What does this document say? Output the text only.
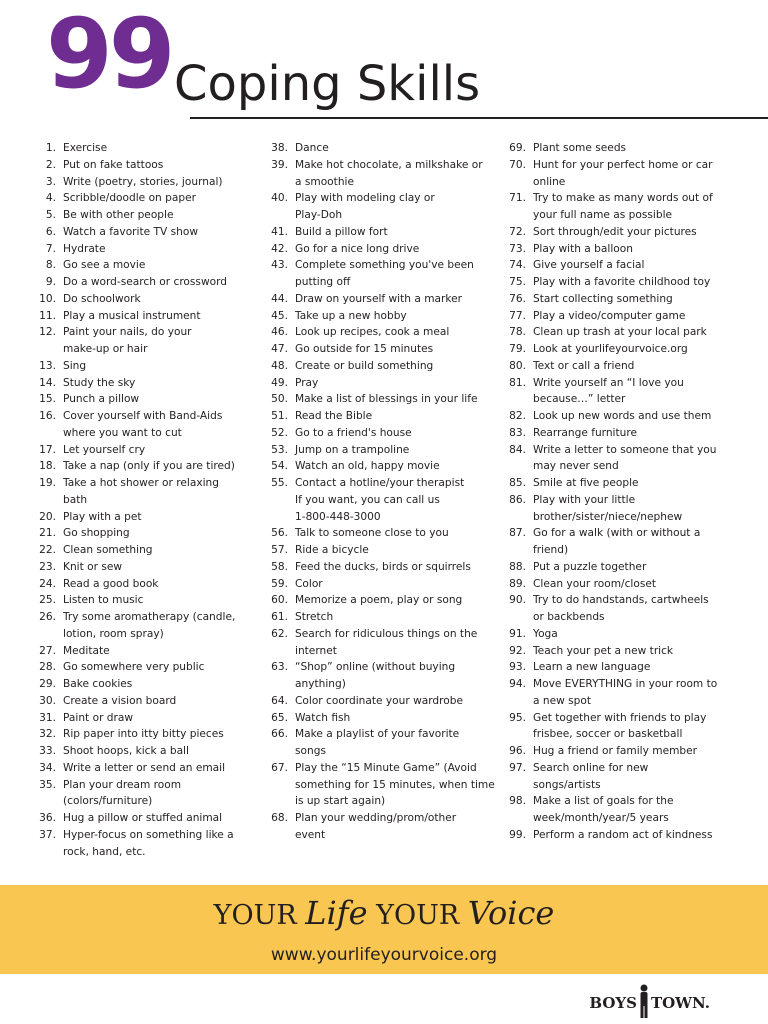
99 Coping Skills
1. Exercise
2. Put on fake tattoos
3. Write (poetry, stories, journal)
4. Scribble/doodle on paper
5. Be with other people
6. Watch a favorite TV show
7. Hydrate
8. Go see a movie
9. Do a word-search or crossword
10. Do schoolwork
11. Play a musical instrument
12. Paint your nails, do your
make-up or hair
13. Sing
14. Study the sky
15. Punch a pillow
16. Cover yourself with Band-Aids
where you want to cut
17. Let yourself cry
18. Take a nap (only if you are tired)
19. Take a hot shower or relaxing
bath
20. Play with a pet
21. Go shopping
22. Clean something
23. Knit or sew
24. Read a good book
25. Listen to music
26. Try some aromatherapy (candle,
lotion, room spray)
27. Meditate
28. Go somewhere very public
29. Bake cookies
30. Create a vision board
31. Paint or draw
32. Rip paper into itty bitty pieces
33. Shoot hoops, kick a ball
34. Write a letter or send an email
35. Plan your dream room
(colors/furniture)
36. Hug a pillow or stuffed animal
37. Hyper-focus on something like a
rock, hand, etc.
38. Dance
39. Make hot chocolate, a milkshake or
a smoothie
40. Play with modeling clay or
Play-Doh
41. Build a pillow fort
42. Go for a nice long drive
43. Complete something you've been
putting off
44. Draw on yourself with a marker
45. Take up a new hobby
46. Look up recipes, cook a meal
47. Go outside for 15 minutes
48. Create or build something
49. Pray
50. Make a list of blessings in your life
51. Read the Bible
52. Go to a friend's house
53. Jump on a trampoline
54. Watch an old, happy movie
55. Contact a hotline/your therapist
If you want, you can call us
1-800-448-3000
56. Talk to someone close to you
57. Ride a bicycle
58. Feed the ducks, birds or squirrels
59. Color
60. Memorize a poem, play or song
61. Stretch
62. Search for ridiculous things on the
internet
63. “Shop” online (without buying
anything)
64. Color coordinate your wardrobe
65. Watch fish
66. Make a playlist of your favorite
songs
67. Play the “15 Minute Game” (Avoid
something for 15 minutes, when time
is up start again)
68. Plan your wedding/prom/other
event
69. Plant some seeds
70. Hunt for your perfect home or car
online
71. Try to make as many words out of
your full name as possible
72. Sort through/edit your pictures
73. Play with a balloon
74. Give yourself a facial
75. Play with a favorite childhood toy
76. Start collecting something
77. Play a video/computer game
78. Clean up trash at your local park
79. Look at yourlifeyourvoice.org
80. Text or call a friend
81. Write yourself an “I love you
because…” letter
82. Look up new words and use them
83. Rearrange furniture
84. Write a letter to someone that you
may never send
85. Smile at five people
86. Play with your little
brother/sister/niece/nephew
87. Go for a walk (with or without a
friend)
88. Put a puzzle together
89. Clean your room/closet
90. Try to do handstands, cartwheels
or backbends
91. Yoga
92. Teach your pet a new trick
93. Learn a new language
94. Move EVERYTHING in your room to
a new spot
95. Get together with friends to play
frisbee, soccer or basketball
96. Hug a friend or family member
97. Search online for new
songs/artists
98. Make a list of goals for the
week/month/year/5 years
99. Perform a random act of kindness
YOUR Life YOUR Voice
www.yourlifeyourvoice.org
BOYS TOWN.
